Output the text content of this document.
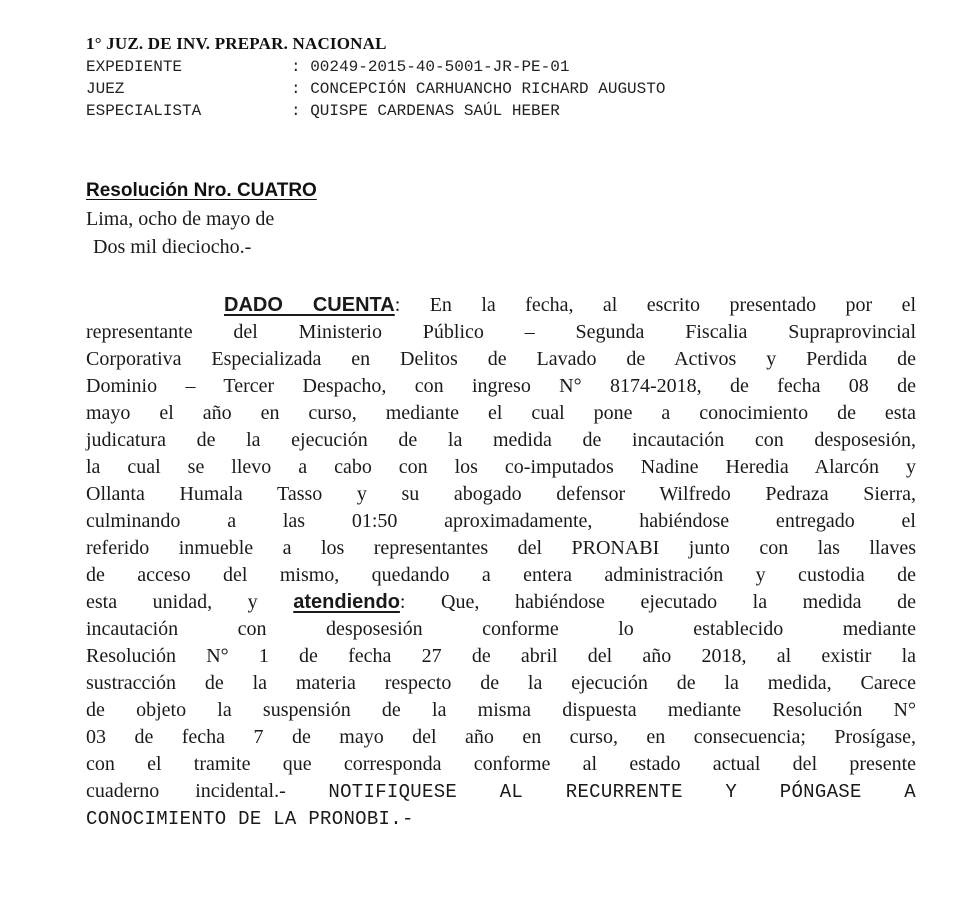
1° JUZ. DE INV. PREPAR. NACIONAL
EXPEDIENTE	: 00249-2015-40-5001-JR-PE-01
JUEZ	: CONCEPCIÓN CARHUANCHO RICHARD AUGUSTO
ESPECIALISTA	: QUISPE CARDENAS SAÚL HEBER
Resolución Nro. CUATRO
Lima, ocho de mayo de
Dos mil dieciocho.-
DADO CUENTA: En la fecha, al escrito presentado por el
representante del Ministerio Público – Segunda Fiscalia Supraprovincial
Corporativa Especializada en Delitos de Lavado de Activos y Perdida de
Dominio – Tercer Despacho, con ingreso N° 8174-2018, de fecha 08 de
mayo el año en curso, mediante el cual pone a conocimiento de esta
judicatura de la ejecución de la medida de incautación con desposesión,
la cual se llevo a cabo con los co-imputados Nadine Heredia Alarcón y
Ollanta Humala Tasso y su abogado defensor Wilfredo Pedraza Sierra,
culminando a las 01:50 aproximadamente, habiéndose entregado el
referido inmueble a los representantes del PRONABI junto con las llaves
de acceso del mismo, quedando a entera administración y custodia de
esta unidad, y atendiendo: Que, habiéndose ejecutado la medida de
incautación con desposesión conforme lo establecido mediante
Resolución N° 1 de fecha 27 de abril del año 2018, al existir la
sustracción de la materia respecto de la ejecución de la medida, Carece
de objeto la suspensión de la misma dispuesta mediante Resolución N°
03 de fecha 7 de mayo del año en curso, en consecuencia; Prosígase,
con el tramite que corresponda conforme al estado actual del presente
cuaderno incidental.- NOTIFIQUESE AL RECURRENTE Y PÓNGASE A
CONOCIMIENTO DE LA PRONOBI.-
